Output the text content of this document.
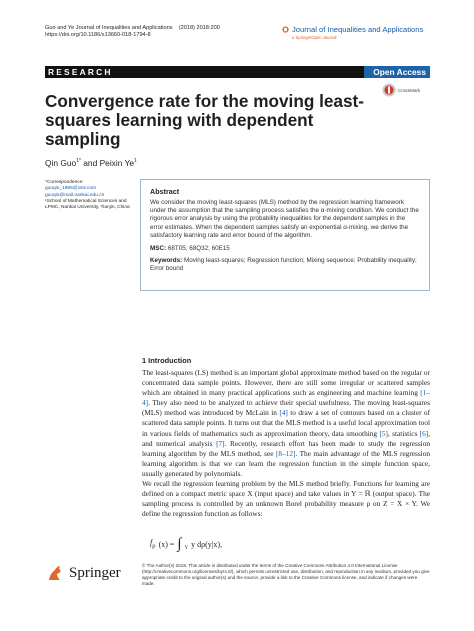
Guo and Ye Journal of Inequalities and Applications (2018) 2018:200
https://doi.org/10.1186/s13660-018-1794-8
Journal of Inequalities and Applications
a SpringerOpen Journal
RESEARCH	Open Access
CrossMark
Convergence rate for the moving least-squares learning with dependent sampling
Qin Guo$^{1*}$ and Peixin Ye$^1$
*Correspondence:
guoqin_1985@163.com
guoqin@mail.nankai.edu.cn
¹School of Mathematical Sciences and LPMC, Nankai University, Tianjin, China
Abstract
We consider the moving least-squares (MLS) method by the regression learning framework under the assumption that the sampling process satisfies the α-mixing condition. We conduct the rigorous error analysis by using the probability inequalities for the dependent samples in the error estimates. When the dependent samples satisfy an exponential α-mixing, we derive the satisfactory learning rate and error bound of the algorithm.
MSC: 68T05; 68Q32; 60E15
Keywords: Moving least-squares; Regression function; Mixing sequence; Probability inequality; Error bound
1 Introduction
The least-squares (LS) method is an important global approximate method based on the regular or concentrated data sample points. However, there are still some irregular or scattered samples which are obtained in many practical applications such as engineering and machine learning [1–4]. They also need to be analyzed to achieve their special usefulness. The moving least-squares (MLS) method was introduced by McLain in [4] to draw a set of contours based on a cluster of scattered data sample points. It turns out that the MLS method is a useful local approximation tool in various fields of mathematics such as approximation theory, data smoothing [5], statistics [6], and numerical analysis [7]. Recently, research effort has been made to study the regression learning algorithm by the MLS method, see [8–12]. The main advantage of the MLS regression learning algorithm is that we can learn the regression function in the simple function space, usually generated by polynomials.
We recall the regression learning problem by the MLS method briefly. Functions for learning are defined on a compact metric space X (input space) and take values in Y = ℝ (output space). The sampling process is controlled by an unknown Borel probability measure ρ on Z = X × Y. We define the regression function as follows:
$f_\rho$ (x) = ∫ Y y dρ(y|x),
Springer	© The Author(s) 2018. This article is distributed under the terms of the Creative Commons Attribution 4.0 International License (http://creativecommons.org/licenses/by/4.0/), which permits unrestricted use, distribution, and reproduction in any medium, provided you give appropriate credit to the original author(s) and the source, provide a link to the Creative Commons license, and indicate if changes were made.
